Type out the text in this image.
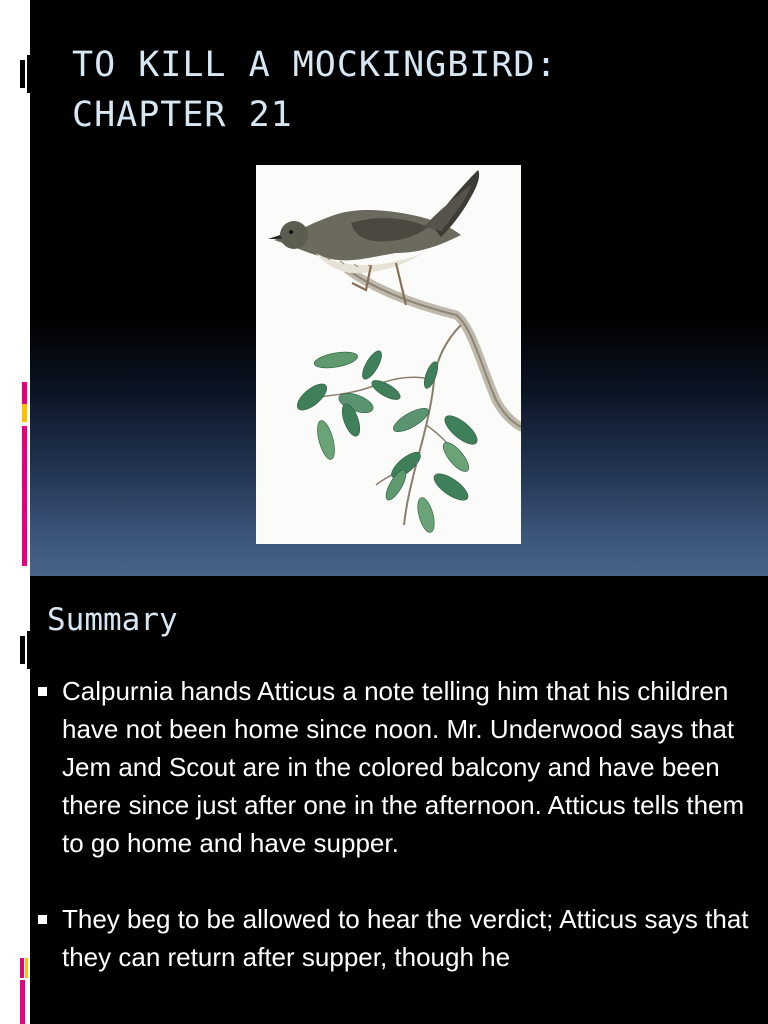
TO KILL A MOCKINGBIRD:
CHAPTER 21
Summary
Calpurnia hands Atticus a note telling him that his children have not been home since noon. Mr. Underwood says that Jem and Scout are in the colored balcony and have been there since just after one in the afternoon. Atticus tells them to go home and have supper.
They beg to be allowed to hear the verdict; Atticus says that they can return after supper, though he
